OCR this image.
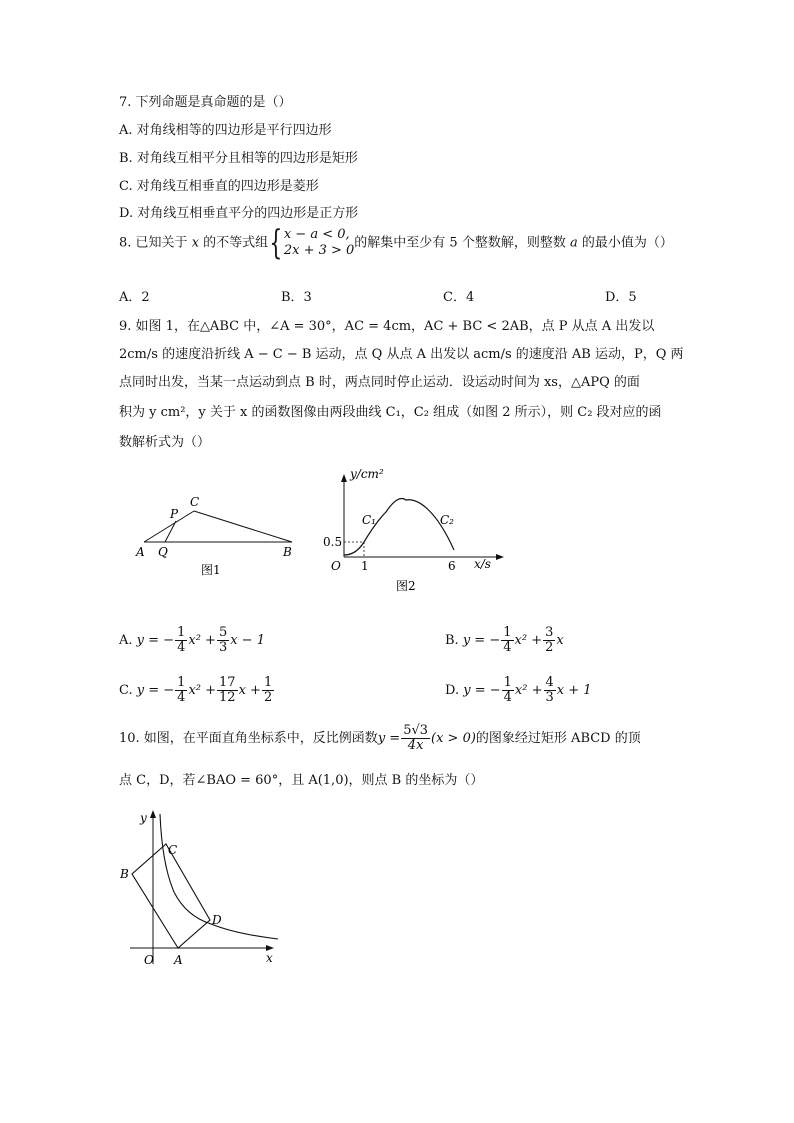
7. 下列命题是真命题的是（）
A. 对角线相等的四边形是平行四边形
B. 对角线互相平分且相等的四边形是矩形
C. 对角线互相垂直的四边形是菱形
D. 对角线互相垂直平分的四边形是正方形
8. 已知关于 x 的不等式组{ x − a < 0,
2x + 3 > 0 的解集中至少有 5 个整数解，则整数 a 的最小值为（）
A．2	B．3	C．4	D．5
9. 如图 1，在△ABC 中，∠A = 30°，AC = 4cm，AC + BC < 2AB，点 P 从点 A 出发以
2cm/s 的速度沿折线 A − C − B 运动，点 Q 从点 A 出发以 acm/s 的速度沿 AB 运动，P，Q 两
点同时出发，当某一点运动到点 B 时，两点同时停止运动．设运动时间为 xs，△APQ 的面
积为 y cm²，y 关于 x 的函数图像由两段曲线 C₁，C₂ 组成（如图 2 所示），则 C₂ 段对应的函
数解析式为（）
A Q
P
C
B
图1
y/cm²
x/s
O
0.5
1	6
C₁	C₂
图2
A. y = − $\frac{1}{4} x^2 + \frac{5}{3}$ x − 1	B. y = − $\frac{1}{4} x^2 + \frac{3}{2}$ x
C. y = − $\frac{1}{4} x^2 + \frac{17}{12}$ $x + \frac{1}{2}$	D. y = − $\frac{1}{4} x^2 + \frac{4}{3}$ x + 1
10. 如图，在平面直角坐标系中，反比例函数$y = \frac{5√3}{4x} (x > 0)$的图象经过矩形 ABCD 的顶
点 C，D，若∠BAO = 60°，且 A(1,0)，则点 B 的坐标为（）
y
x
O A
B
C
D
